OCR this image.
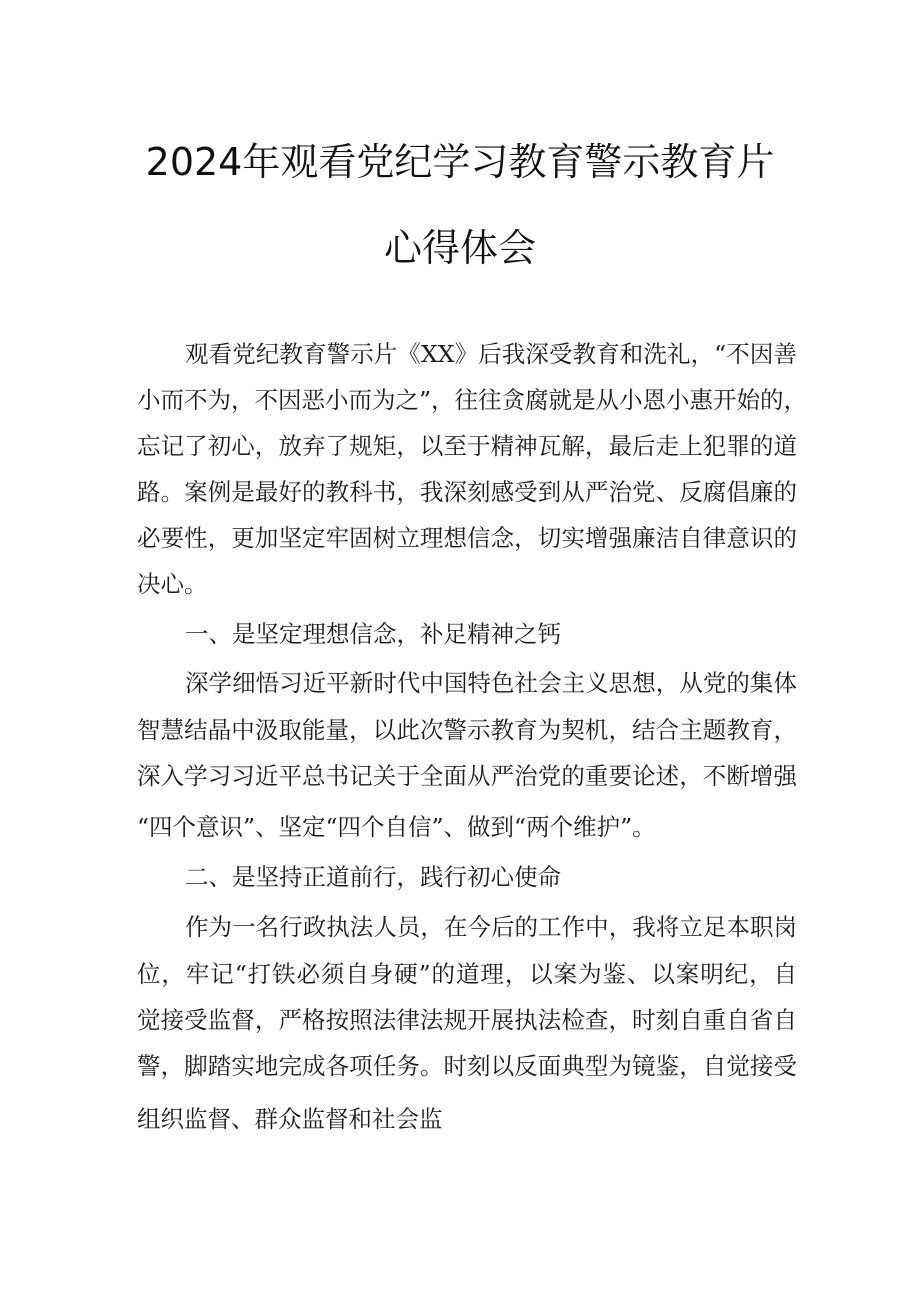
2024年观看党纪学习教育警示教育片
心得体会

观看党纪教育警示片《XX》后我深受教育和洗礼，“不因善

小而不为，不因恶小而为之”，往往贪腐就是从小恩小惠开始的，

忘记了初心，放弃了规矩，以至于精神瓦解，最后走上犯罪的道

路。案例是最好的教科书，我深刻感受到从严治党、反腐倡廉的

必要性，更加坚定牢固树立理想信念，切实增强廉洁自律意识的

决心。

一、是坚定理想信念，补足精神之钙

深学细悟习近平新时代中国特色社会主义思想，从党的集体

智慧结晶中汲取能量，以此次警示教育为契机，结合主题教育，

深入学习习近平总书记关于全面从严治党的重要论述，不断增强

“四个意识”、坚定“四个自信”、做到“两个维护”。

二、是坚持正道前行，践行初心使命

作为一名行政执法人员，在今后的工作中，我将立足本职岗

位，牢记“打铁必须自身硬”的道理，以案为鉴、以案明纪，自

觉接受监督，严格按照法律法规开展执法检查，时刻自重自省自

警，脚踏实地完成各项任务。时刻以反面典型为镜鉴，自觉接受

组织监督、群众监督和社会监
